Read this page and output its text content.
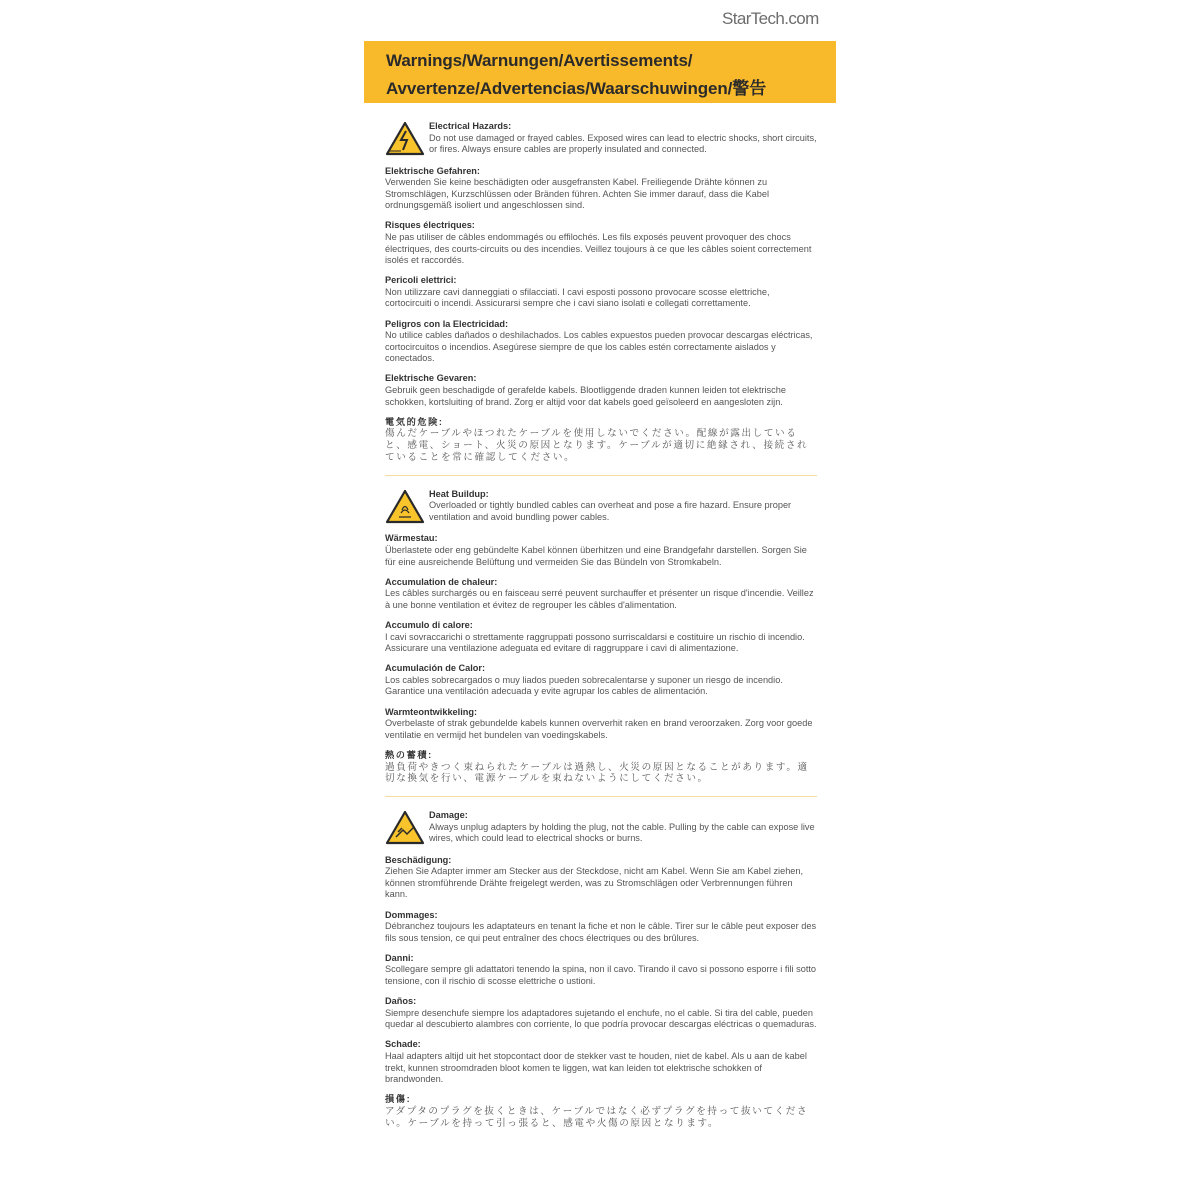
StarTech.com
Warnings/Warnungen/Avertissements/
Avvertenze/Advertencias/Waarschuwingen/警告
Electrical Hazards:
Do not use damaged or frayed cables. Exposed wires can lead to electric shocks, short circuits, or fires. Always ensure cables are properly insulated and connected.
Elektrische Gefahren:
Verwenden Sie keine beschädigten oder ausgefransten Kabel. Freiliegende Drähte können zu Stromschlägen, Kurzschlüssen oder Bränden führen. Achten Sie immer darauf, dass die Kabel ordnungsgemäß isoliert und angeschlossen sind.
Risques électriques:
Ne pas utiliser de câbles endommagés ou effilochés. Les fils exposés peuvent provoquer des chocs électriques, des courts-circuits ou des incendies. Veillez toujours à ce que les câbles soient correctement isolés et raccordés.
Pericoli elettrici:
Non utilizzare cavi danneggiati o sfilacciati. I cavi esposti possono provocare scosse elettriche, cortocircuiti o incendi. Assicurarsi sempre che i cavi siano isolati e collegati correttamente.
Peligros con la Electricidad:
No utilice cables dañados o deshilachados. Los cables expuestos pueden provocar descargas eléctricas, cortocircuitos o incendios. Asegúrese siempre de que los cables estén correctamente aislados y conectados.
Elektrische Gevaren:
Gebruik geen beschadigde of gerafelde kabels. Blootliggende draden kunnen leiden tot elektrische schokken, kortsluiting of brand. Zorg er altijd voor dat kabels goed geïsoleerd en aangesloten zijn.
電気的危険:
傷んだケーブルやほつれたケーブルを使用しないでください。配線が露出していると、感電、ショート、火災の原因となります。ケーブルが適切に絶縁され、接続されていることを常に確認してください。
Heat Buildup:
Overloaded or tightly bundled cables can overheat and pose a fire hazard. Ensure proper ventilation and avoid bundling power cables.
Wärmestau:
Überlastete oder eng gebündelte Kabel können überhitzen und eine Brandgefahr darstellen. Sorgen Sie für eine ausreichende Belüftung und vermeiden Sie das Bündeln von Stromkabeln.
Accumulation de chaleur:
Les câbles surchargés ou en faisceau serré peuvent surchauffer et présenter un risque d'incendie. Veillez à une bonne ventilation et évitez de regrouper les câbles d'alimentation.
Accumulo di calore:
I cavi sovraccarichi o strettamente raggruppati possono surriscaldarsi e costituire un rischio di incendio. Assicurare una ventilazione adeguata ed evitare di raggruppare i cavi di alimentazione.
Acumulación de Calor:
Los cables sobrecargados o muy liados pueden sobrecalentarse y suponer un riesgo de incendio. Garantice una ventilación adecuada y evite agrupar los cables de alimentación.
Warmteontwikkeling:
Overbelaste of strak gebundelde kabels kunnen oververhit raken en brand veroorzaken. Zorg voor goede ventilatie en vermijd het bundelen van voedingskabels.
熱の蓄積:
過負荷やきつく束ねられたケーブルは過熱し、火災の原因となることがあります。適切な換気を行い、電源ケーブルを束ねないようにしてください。
Damage:
Always unplug adapters by holding the plug, not the cable. Pulling by the cable can expose live wires, which could lead to electrical shocks or burns.
Beschädigung:
Ziehen Sie Adapter immer am Stecker aus der Steckdose, nicht am Kabel. Wenn Sie am Kabel ziehen, können stromführende Drähte freigelegt werden, was zu Stromschlägen oder Verbrennungen führen kann.
Dommages:
Débranchez toujours les adaptateurs en tenant la fiche et non le câble. Tirer sur le câble peut exposer des fils sous tension, ce qui peut entraîner des chocs électriques ou des brûlures.
Danni:
Scollegare sempre gli adattatori tenendo la spina, non il cavo. Tirando il cavo si possono esporre i fili sotto tensione, con il rischio di scosse elettriche o ustioni.
Daños:
Siempre desenchufe siempre los adaptadores sujetando el enchufe, no el cable. Si tira del cable, pueden quedar al descubierto alambres con corriente, lo que podría provocar descargas eléctricas o quemaduras.
Schade:
Haal adapters altijd uit het stopcontact door de stekker vast te houden, niet de kabel. Als u aan de kabel trekt, kunnen stroomdraden bloot komen te liggen, wat kan leiden tot elektrische schokken of brandwonden.
損傷:
アダプタのプラグを抜くときは、ケーブルではなく必ずプラグを持って抜いてください。ケーブルを持って引っ張ると、感電や火傷の原因となります。
